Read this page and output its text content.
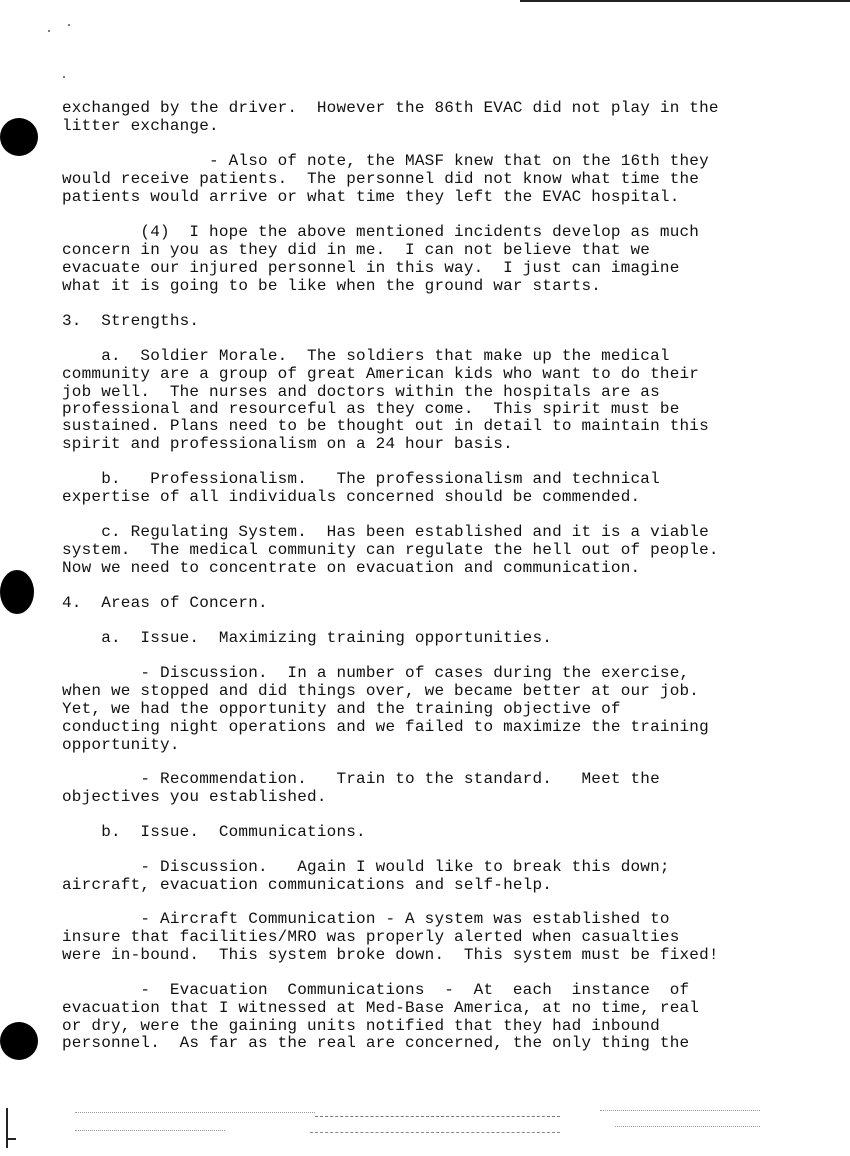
exchanged by the driver.  However the 86th EVAC did not play in the
litter exchange.
- Also of note, the MASF knew that on the 16th they
would receive patients.  The personnel did not know what time the
patients would arrive or what time they left the EVAC hospital.
(4)  I hope the above mentioned incidents develop as much
concern in you as they did in me.  I can not believe that we
evacuate our injured personnel in this way.  I just can imagine
what it is going to be like when the ground war starts.
3.  Strengths.
a.  Soldier Morale.  The soldiers that make up the medical
community are a group of great American kids who want to do their
job well.  The nurses and doctors within the hospitals are as
professional and resourceful as they come.  This spirit must be
sustained. Plans need to be thought out in detail to maintain this
spirit and professionalism on a 24 hour basis.
b.   Professionalism.   The professionalism and technical
expertise of all individuals concerned should be commended.
c. Regulating System.  Has been established and it is a viable
system.  The medical community can regulate the hell out of people.
Now we need to concentrate on evacuation and communication.
4.  Areas of Concern.
a.  Issue.  Maximizing training opportunities.
- Discussion.  In a number of cases during the exercise,
when we stopped and did things over, we became better at our job.
Yet, we had the opportunity and the training objective of
conducting night operations and we failed to maximize the training
opportunity.
- Recommendation.   Train to the standard.   Meet the
objectives you established.
b.  Issue.  Communications.
- Discussion.   Again I would like to break this down;
aircraft, evacuation communications and self-help.
- Aircraft Communication - A system was established to
insure that facilities/MRO was properly alerted when casualties
were in-bound.  This system broke down.  This system must be fixed!
-  Evacuation  Communications  -  At  each  instance  of
evacuation that I witnessed at Med-Base America, at no time, real
or dry, were the gaining units notified that they had inbound
personnel.  As far as the real are concerned, the only thing the
